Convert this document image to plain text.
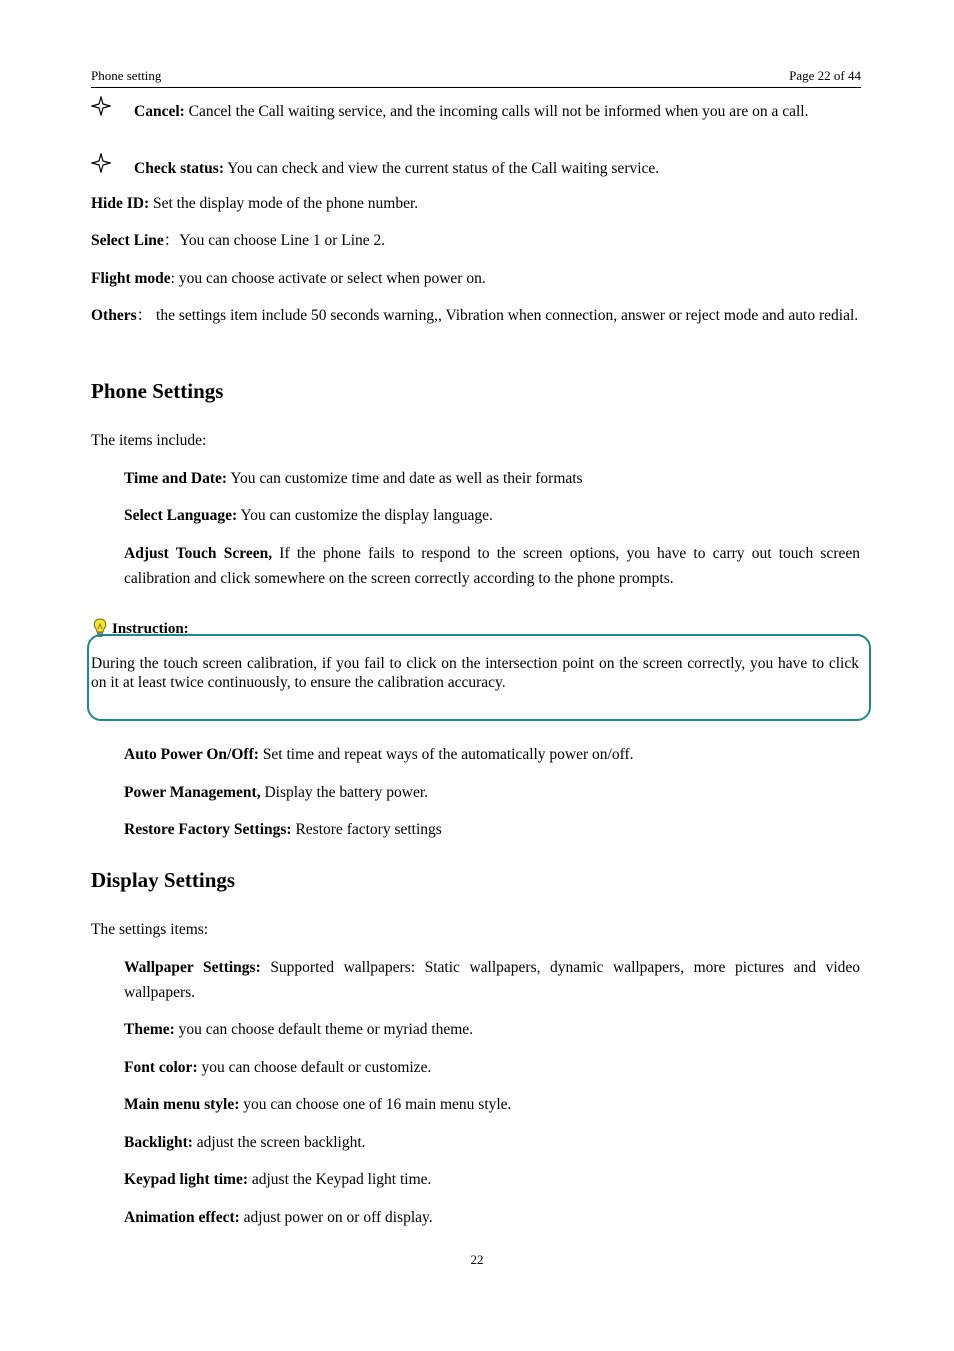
Phone setting	Page 22 of 44
Cancel: Cancel the Call waiting service, and the incoming calls will not be informed when you are on a call.
Check status: You can check and view the current status of the Call waiting service.
Hide ID: Set the display mode of the phone number.
Select Line：You can choose Line 1 or Line 2.
Flight mode: you can choose activate or select when power on.
Others： the settings item include 50 seconds warning,, Vibration when connection, answer or reject mode and auto redial.
Phone Settings
The items include:
Time and Date: You can customize time and date as well as their formats
Select Language: You can customize the display language.
Adjust Touch Screen, If the phone fails to respond to the screen options, you have to carry out touch screen calibration and click somewhere on the screen correctly according to the phone prompts.
Instruction:
During the touch screen calibration, if you fail to click on the intersection point on the screen correctly, you have to click on it at least twice continuously, to ensure the calibration accuracy.
Auto Power On/Off: Set time and repeat ways of the automatically power on/off.
Power Management, Display the battery power.
Restore Factory Settings: Restore factory settings
Display Settings
The settings items:
Wallpaper Settings: Supported wallpapers: Static wallpapers, dynamic wallpapers, more pictures and video wallpapers.
Theme: you can choose default theme or myriad theme.
Font color: you can choose default or customize.
Main menu style: you can choose one of 16 main menu style.
Backlight: adjust the screen backlight.
Keypad light time: adjust the Keypad light time.
Animation effect: adjust power on or off display.
22
